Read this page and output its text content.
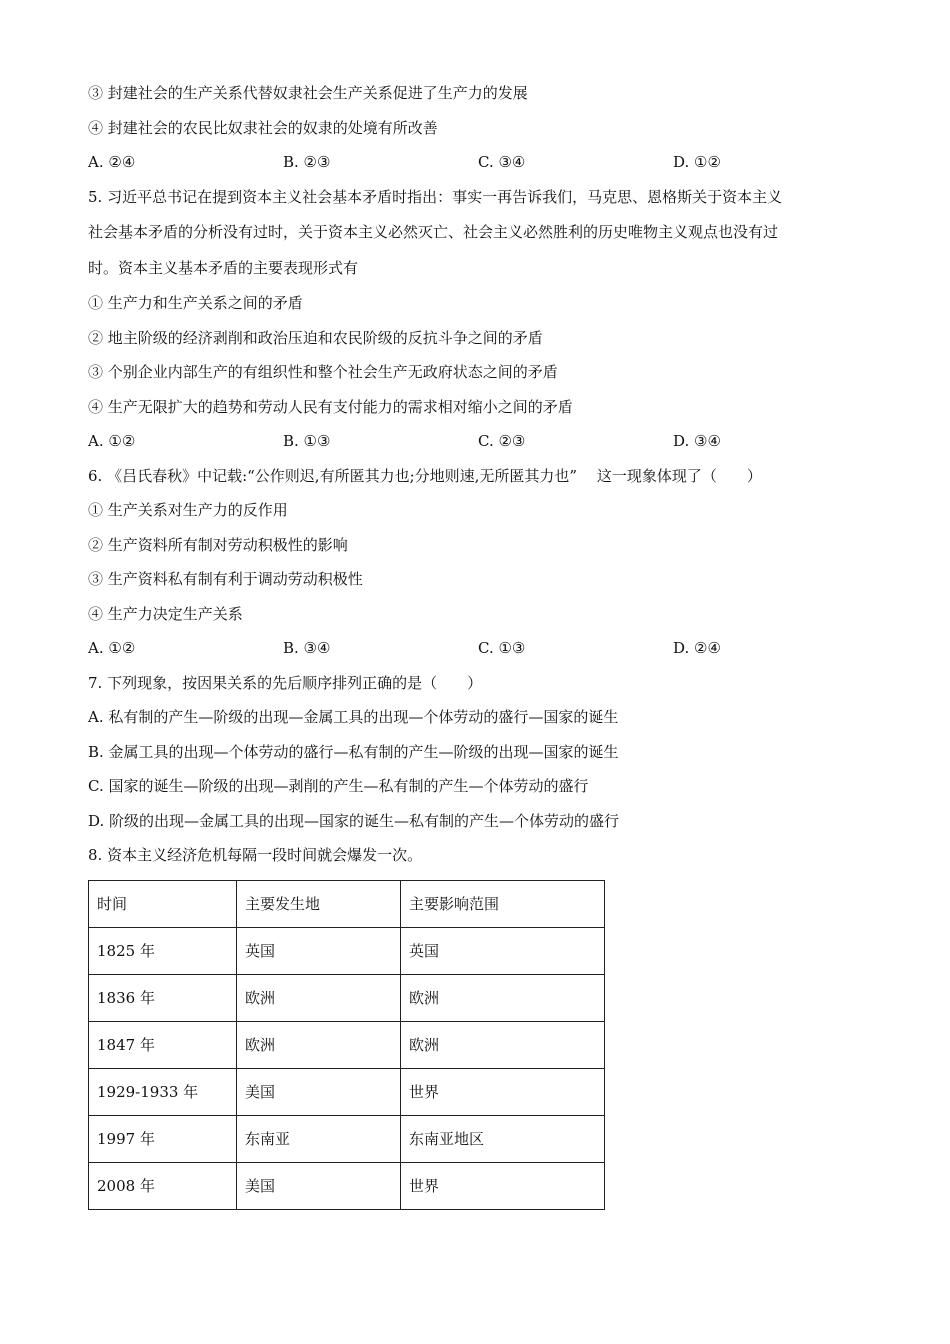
③ 封建社会的生产关系代替奴隶社会生产关系促进了生产力的发展
④ 封建社会的农民比奴隶社会的奴隶的处境有所改善
A. ②④	B. ②③	C. ③④	D. ①②
5. 习近平总书记在提到资本主义社会基本矛盾时指出：事实一再告诉我们，马克思、恩格斯关于资本主义
社会基本矛盾的分析没有过时，关于资本主义必然灭亡、社会主义必然胜利的历史唯物主义观点也没有过
时。资本主义基本矛盾的主要表现形式有
① 生产力和生产关系之间的矛盾
② 地主阶级的经济剥削和政治压迫和农民阶级的反抗斗争之间的矛盾
③ 个别企业内部生产的有组织性和整个社会生产无政府状态之间的矛盾
④ 生产无限扩大的趋势和劳动人民有支付能力的需求相对缩小之间的矛盾
A. ①②	B. ①③	C. ②③	D. ③④
6. 《吕氏春秋》中记载:“公作则迟,有所匿其力也;分地则速,无所匿其力也”　 这一现象体现了（　　）
① 生产关系对生产力的反作用
② 生产资料所有制对劳动积极性的影响
③ 生产资料私有制有利于调动劳动积极性
④ 生产力决定生产关系
A. ①②	B. ③④	C. ①③	D. ②④
7. 下列现象，按因果关系的先后顺序排列正确的是（　　）
A. 私有制的产生—阶级的出现—金属工具的出现—个体劳动的盛行—国家的诞生
B. 金属工具的出现—个体劳动的盛行—私有制的产生—阶级的出现—国家的诞生
C. 国家的诞生—阶级的出现—剥削的产生—私有制的产生—个体劳动的盛行
D. 阶级的出现—金属工具的出现—国家的诞生—私有制的产生—个体劳动的盛行
8. 资本主义经济危机每隔一段时间就会爆发一次。
时间	主要发生地	主要影响范围
1825 年	英国	英国
1836 年	欧洲	欧洲
1847 年	欧洲	欧洲
1929-1933 年	美国	世界
1997 年	东南亚	东南亚地区
2008 年	美国	世界
